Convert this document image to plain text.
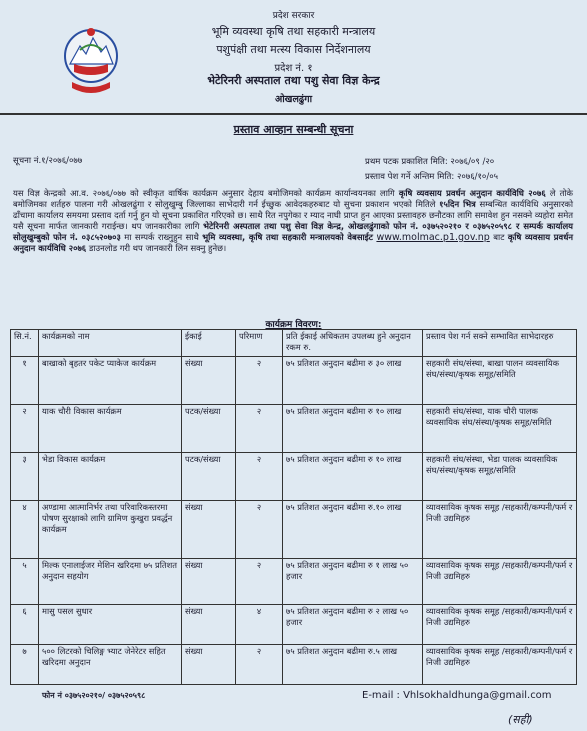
प्रदेश सरकार
भूमि व्यवस्था कृषि तथा सहकारी मन्त्रालय
पशुपंक्षी तथा मत्स्य विकास निर्देशनालय
प्रदेश नं. १
भेटेरिनरी अस्पताल तथा पशु सेवा विज्ञ केन्द्र
ओखलढुंगा
प्रस्ताव आव्हान सम्बन्धी सूचना
सूचना नं.१/२०७६/०७७	प्रथम पटक प्रकाशित मिति: २०७६/०९ /२०
प्रस्ताव पेश गर्ने अन्तिम मिति: २०७६/१०/०५
यस विज्ञ केन्द्रको आ.व. २०७६/०७७ को स्वीकृत वार्षिक कार्यक्रम अनुसार देहाय बमोजिमको कार्यक्रम कार्यान्वयनका लागि कृषि व्यवसाय प्रवर्धन अनुदान कार्यविधि २०७६ ले तोके बमोजिमका शर्तहरु पालना गरी ओखलढुंगा र सोलुखुम्बु जिल्लाका साभेदारी गर्न ईच्छुक आवेदकहरुबाट यो सुचना प्रकाशन भएको मितिले १५दिन भित्र सम्बन्धित कार्यविधि अनुसारको ढाँचामा कार्यालय समयमा प्रस्ताव दर्ता गर्नु हुन यो सूचना प्रकाशित गरिएको छ। साथै रित नपुगेका र म्याद नाघी प्राप्त हुन आएका प्रस्तावहरु छनौटका लागि समावेश हुन नसक्ने व्यहोरा समेत यसै सूचना मार्फत जानकारी गराईन्छ। थप जानकारीका लागि भेटेरिनरी अस्पताल तथा पशु सेवा विज्ञ केन्द्र, ओखलढुंगाको फोन नं. ०३७५२०२१० र ०३७५२०५९८ र सम्पर्क कार्यालय सोलुखुम्बुको फोन नं. ०३८५२०७०३ मा सम्पर्क राख्नुहुन साथै भूमि व्यवस्था, कृषि तथा सहकारी मन्त्रालयको वेबसाईट www.molmac.p1.gov.np बाट कृषि व्यवसाय प्रवर्धन अनुदान कार्यविधि २०७६ डाउनलोड गरी थप जानकारी लिन सक्नु हुनेछ।
कार्यक्रम विवरण:
सि.नं.	कार्यक्रमको नाम	ईकाई	परिमाण	प्रति ईकाई अधिकतम उपलब्ध हुने अनुदान रकम रु.	प्रस्ताव पेश गर्न सक्ने सम्भावित साभेदारहरु
१	बाखाको बृहतर पकेट प्याकेज कार्यक्रम	संख्या	२	७५ प्रतिशत अनुदान बढीमा रु ३० लाख	सहकारी संघ/संस्था, बाखा पालन व्यवसायिक संघ/संस्था/कृषक समूह/समिति
२	याक चौरी विकास कार्यक्रम	पटक/संख्या	२	७५ प्रतिशत अनुदान बढीमा रु १० लाख	सहकारी संघ/संस्था, याक चौरी पालक व्यवसायिक संघ/संस्था/कृषक समूह/समिति
३	भेडा विकास कार्यक्रम	पटक/संख्या	२	७५ प्रतिशत अनुदान बढीमा रु १० लाख	सहकारी संघ/संस्था, भेडा पालक व्यवसायिक संघ/संस्था/कृषक समूह/समिति
४	अण्डामा आत्मानिर्भर तथा परिवारिकस्तरमा पोषण सुरक्षाको लागि ग्रामिण कुखुरा प्रवर्द्धन कार्यक्रम	संख्या	२	७५ प्रतिशत अनुदान बढीमा रु.१० लाख	व्यावसायिक कृषक समूह /सहकारी/कम्पनी/फर्म र निजी उद्यमिहरु
५	मिल्क एनालाईजर मेशिन खरिदमा ७५ प्रतिशत अनुदान सहयोग	संख्या	२	७५ प्रतिशत अनुदान बढीमा रु १ लाख ५० हजार	व्यावसायिक कृषक समूह /सहकारी/कम्पनी/फर्म र निजी उद्यमिहरु
६	मासु पसल सुधार	संख्या	४	७५ प्रतिशत अनुदान बढीमा रु २ लाख ५० हजार	व्यावसायिक कृषक समूह /सहकारी/कम्पनी/फर्म र निजी उद्यमिहरु
७	५०० लिटरको चिलिङ्ग भ्याट जेनेरेटर सहित खरिदमा अनुदान	संख्या	२	७५ प्रतिशत अनुदान बढीमा रु.५ लाख	व्यावसायिक कृषक समूह /सहकारी/कम्पनी/फर्म र निजी उद्यमिहरु
फोन नं ०३७५२०२१०/ ०३७५२०५९८	E-mail : Vhlsokhaldhunga@gmail.com
(सही)
